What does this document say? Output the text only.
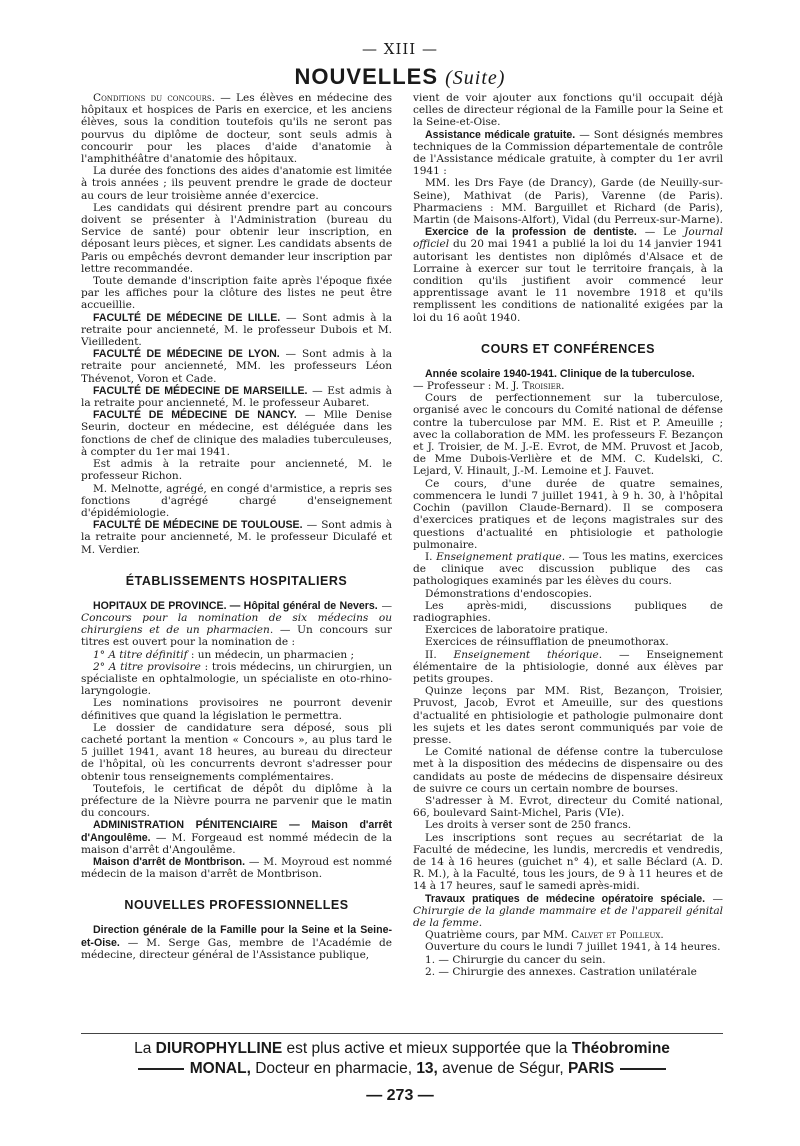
— XIII —
NOUVELLES (Suite)

Conditions du concours. — Les élèves en médecine des hôpitaux et hospices de Paris en exercice, et les anciens élèves, sous la condition toutefois qu'ils ne seront pas pourvus du diplôme de docteur, sont seuls admis à concourir pour les places d'aide d'anatomie à l'amphithéâtre d'anatomie des hôpitaux.

La durée des fonctions des aides d'anatomie est limitée à trois années ; ils peuvent prendre le grade de docteur au cours de leur troisième année d'exercice.

Les candidats qui désirent prendre part au concours doivent se présenter à l'Administration (bureau du Service de santé) pour obtenir leur inscription, en déposant leurs pièces, et signer. Les candidats absents de Paris ou empêchés devront demander leur inscription par lettre recommandée.

Toute demande d'inscription faite après l'époque fixée par les affiches pour la clôture des listes ne peut être accueillie.

FACULTÉ DE MÉDECINE DE LILLE. — Sont admis à la retraite pour ancienneté, M. le professeur Dubois et M. Vieilledent.

FACULTÉ DE MÉDECINE DE LYON. — Sont admis à la retraite pour ancienneté, MM. les professeurs Léon Thévenot, Voron et Cade.

FACULTÉ DE MÉDECINE DE MARSEILLE. — Est admis à la retraite pour ancienneté, M. le professeur Aubaret.

FACULTÉ DE MÉDECINE DE NANCY. — Mlle Denise Seurin, docteur en médecine, est déléguée dans les fonctions de chef de clinique des maladies tuberculeuses, à compter du 1er mai 1941.

Est admis à la retraite pour ancienneté, M. le professeur Richon.

M. Melnotte, agrégé, en congé d'armistice, a repris ses fonctions d'agrégé chargé d'enseignement d'épidémiologie.

FACULTÉ DE MÉDECINE DE TOULOUSE. — Sont admis à la retraite pour ancienneté, M. le professeur Diculafé et M. Verdier.

ÉTABLISSEMENTS HOSPITALIERS

HOPITAUX DE PROVINCE. — Hôpital général de Nevers. — Concours pour la nomination de six médecins ou chirurgiens et de un pharmacien. — Un concours sur titres est ouvert pour la nomination de :

1° A titre définitif : un médecin, un pharmacien ;

2° A titre provisoire : trois médecins, un chirurgien, un spécialiste en ophtalmologie, un spécialiste en oto-rhino-laryngologie.

Les nominations provisoires ne pourront devenir définitives que quand la législation le permettra.

Le dossier de candidature sera déposé, sous pli cacheté portant la mention « Concours », au plus tard le 5 juillet 1941, avant 18 heures, au bureau du directeur de l'hôpital, où les concurrents devront s'adresser pour obtenir tous renseignements complémentaires.

Toutefois, le certificat de dépôt du diplôme à la préfecture de la Nièvre pourra ne parvenir que le matin du concours.

ADMINISTRATION PÉNITENCIAIRE — Maison d'arrêt d'Angoulême. — M. Forgeaud est nommé médecin de la maison d'arrêt d'Angoulême.

Maison d'arrêt de Montbrison. — M. Moyroud est nommé médecin de la maison d'arrêt de Montbrison.

NOUVELLES PROFESSIONNELLES

Direction générale de la Famille pour la Seine et la Seine-et-Oise. — M. Serge Gas, membre de l'Académie de médecine, directeur général de l'Assistance publique,

vient de voir ajouter aux fonctions qu'il occupait déjà celles de directeur régional de la Famille pour la Seine et la Seine-et-Oise.

Assistance médicale gratuite. — Sont désignés membres techniques de la Commission départementale de contrôle de l'Assistance médicale gratuite, à compter du 1er avril 1941 :

MM. les Drs Faye (de Drancy), Garde (de Neuilly-sur-Seine), Mathivat (de Paris), Varenne (de Paris). Pharmaciens : MM. Barguillet et Richard (de Paris), Martin (de Maisons-Alfort), Vidal (du Perreux-sur-Marne).

Exercice de la profession de dentiste. — Le Journal officiel du 20 mai 1941 a publié la loi du 14 janvier 1941 autorisant les dentistes non diplômés d'Alsace et de Lorraine à exercer sur tout le territoire français, à la condition qu'ils justifient avoir commencé leur apprentissage avant le 11 novembre 1918 et qu'ils remplissent les conditions de nationalité exigées par la loi du 16 août 1940.

COURS ET CONFÉRENCES

Année scolaire 1940-1941. Clinique de la tuberculose.
— Professeur : M. J. Troisier.

Cours de perfectionnement sur la tuberculose, organisé avec le concours du Comité national de défense contre la tuberculose par MM. E. Rist et P. Ameuille ; avec la collaboration de MM. les professeurs F. Bezançon et J. Troisier, de M. J.-E. Evrot, de MM. Pruvost et Jacob, de Mme Dubois-Verlière et de MM. C. Kudelski, C. Lejard, V. Hinault, J.-M. Lemoine et J. Fauvet.

Ce cours, d'une durée de quatre semaines, commencera le lundi 7 juillet 1941, à 9 h. 30, à l'hôpital Cochin (pavillon Claude-Bernard). Il se composera d'exercices pratiques et de leçons magistrales sur des questions d'actualité en phtisiologie et pathologie pulmonaire.

I. Enseignement pratique. — Tous les matins, exercices de clinique avec discussion publique des cas pathologiques examinés par les élèves du cours.

Démonstrations d'endoscopies.

Les après-midi, discussions publiques de radiographies.

Exercices de laboratoire pratique.

Exercices de réinsufflation de pneumothorax.

II. Enseignement théorique. — Enseignement élémentaire de la phtisiologie, donné aux élèves par petits groupes.

Quinze leçons par MM. Rist, Bezançon, Troisier, Pruvost, Jacob, Evrot et Ameuille, sur des questions d'actualité en phtisiologie et pathologie pulmonaire dont les sujets et les dates seront communiqués par voie de presse.

Le Comité national de défense contre la tuberculose met à la disposition des médecins de dispensaire ou des candidats au poste de médecins de dispensaire désireux de suivre ce cours un certain nombre de bourses.

S'adresser à M. Evrot, directeur du Comité national, 66, boulevard Saint-Michel, Paris (VIe).

Les droits à verser sont de 250 francs.

Les inscriptions sont reçues au secrétariat de la Faculté de médecine, les lundis, mercredis et vendredis, de 14 à 16 heures (guichet n° 4), et salle Béclard (A. D. R. M.), à la Faculté, tous les jours, de 9 à 11 heures et de 14 à 17 heures, sauf le samedi après-midi.

Travaux pratiques de médecine opératoire spéciale. — Chirurgie de la glande mammaire et de l'appareil génital de la femme.

Quatrième cours, par MM. Calvet et Poilleux.

Ouverture du cours le lundi 7 juillet 1941, à 14 heures.

1. — Chirurgie du cancer du sein.

2. — Chirurgie des annexes. Castration unilatérale

La DIUROPHYLLINE est plus active et mieux supportée que la Théobromine
MONAL, Docteur en pharmacie, 13, avenue de Ségur, PARIS
— 273 —
